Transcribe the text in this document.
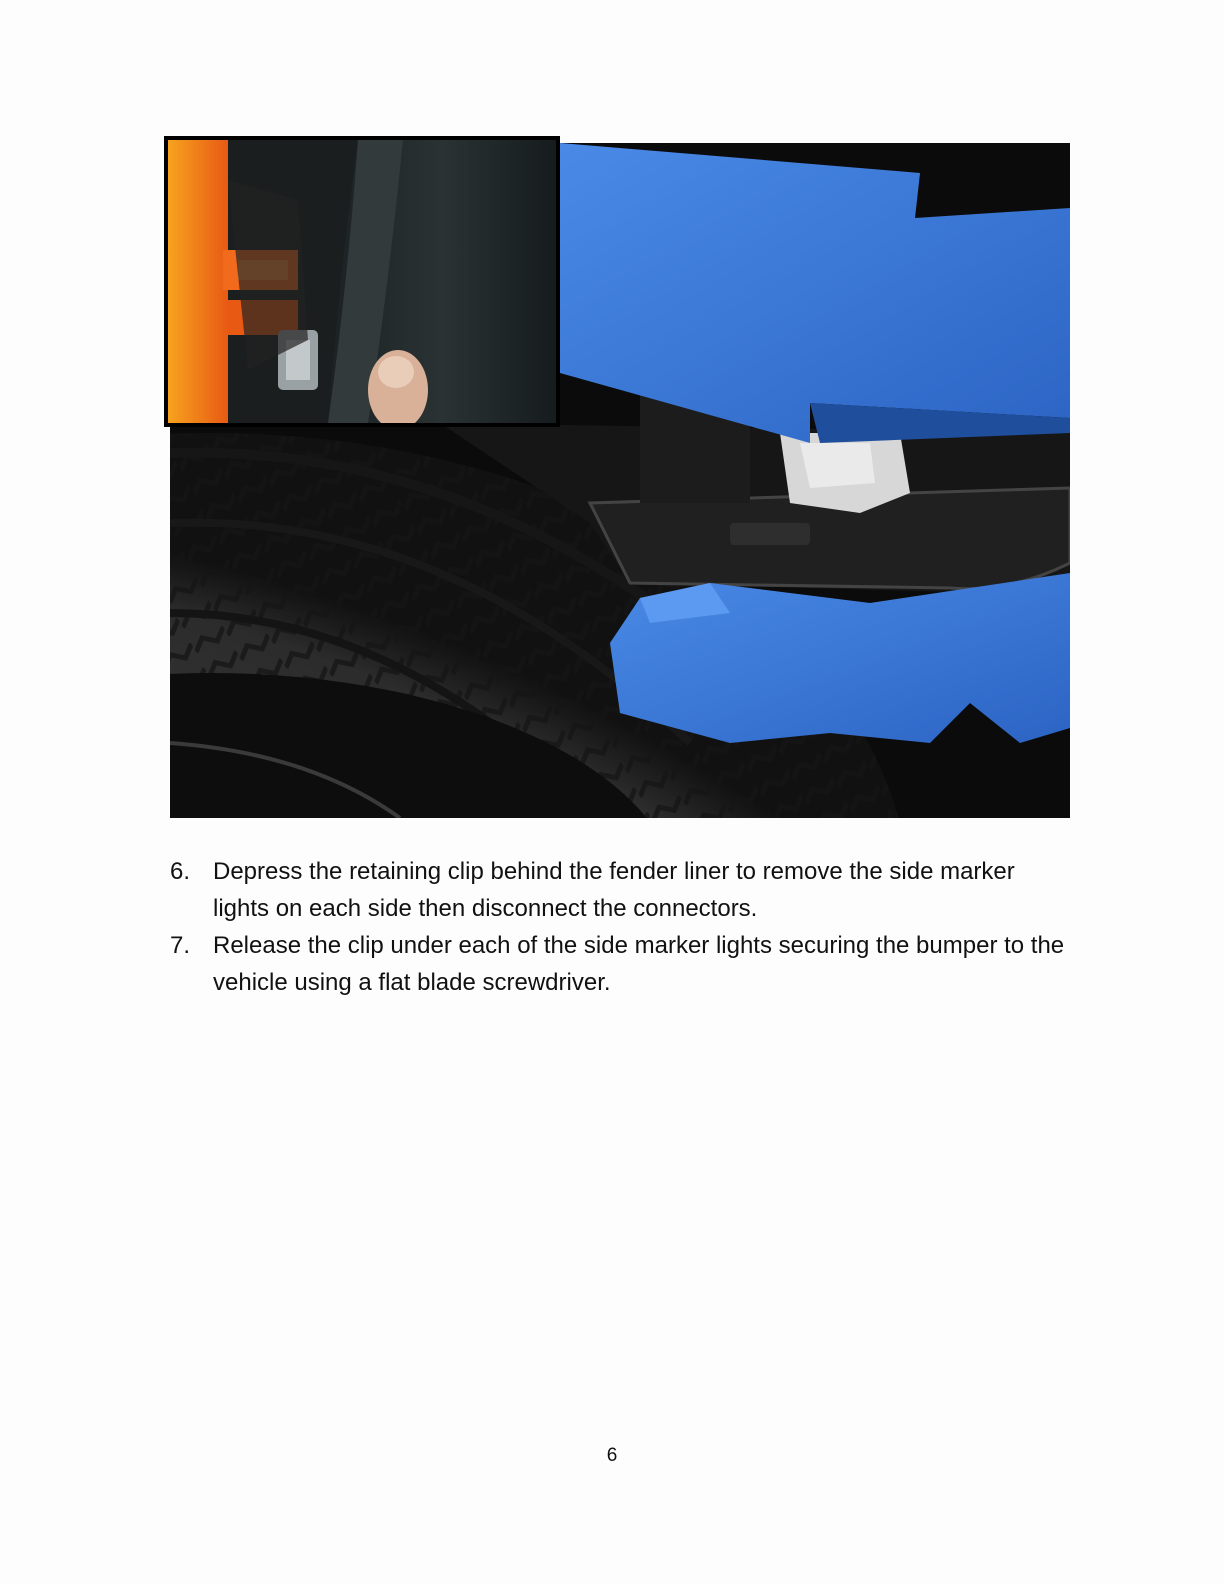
6. Depress the retaining clip behind the fender liner to remove the side marker lights on each side then disconnect the connectors.
7. Release the clip under each of the side marker lights securing the bumper to the vehicle using a flat blade screwdriver.
6
